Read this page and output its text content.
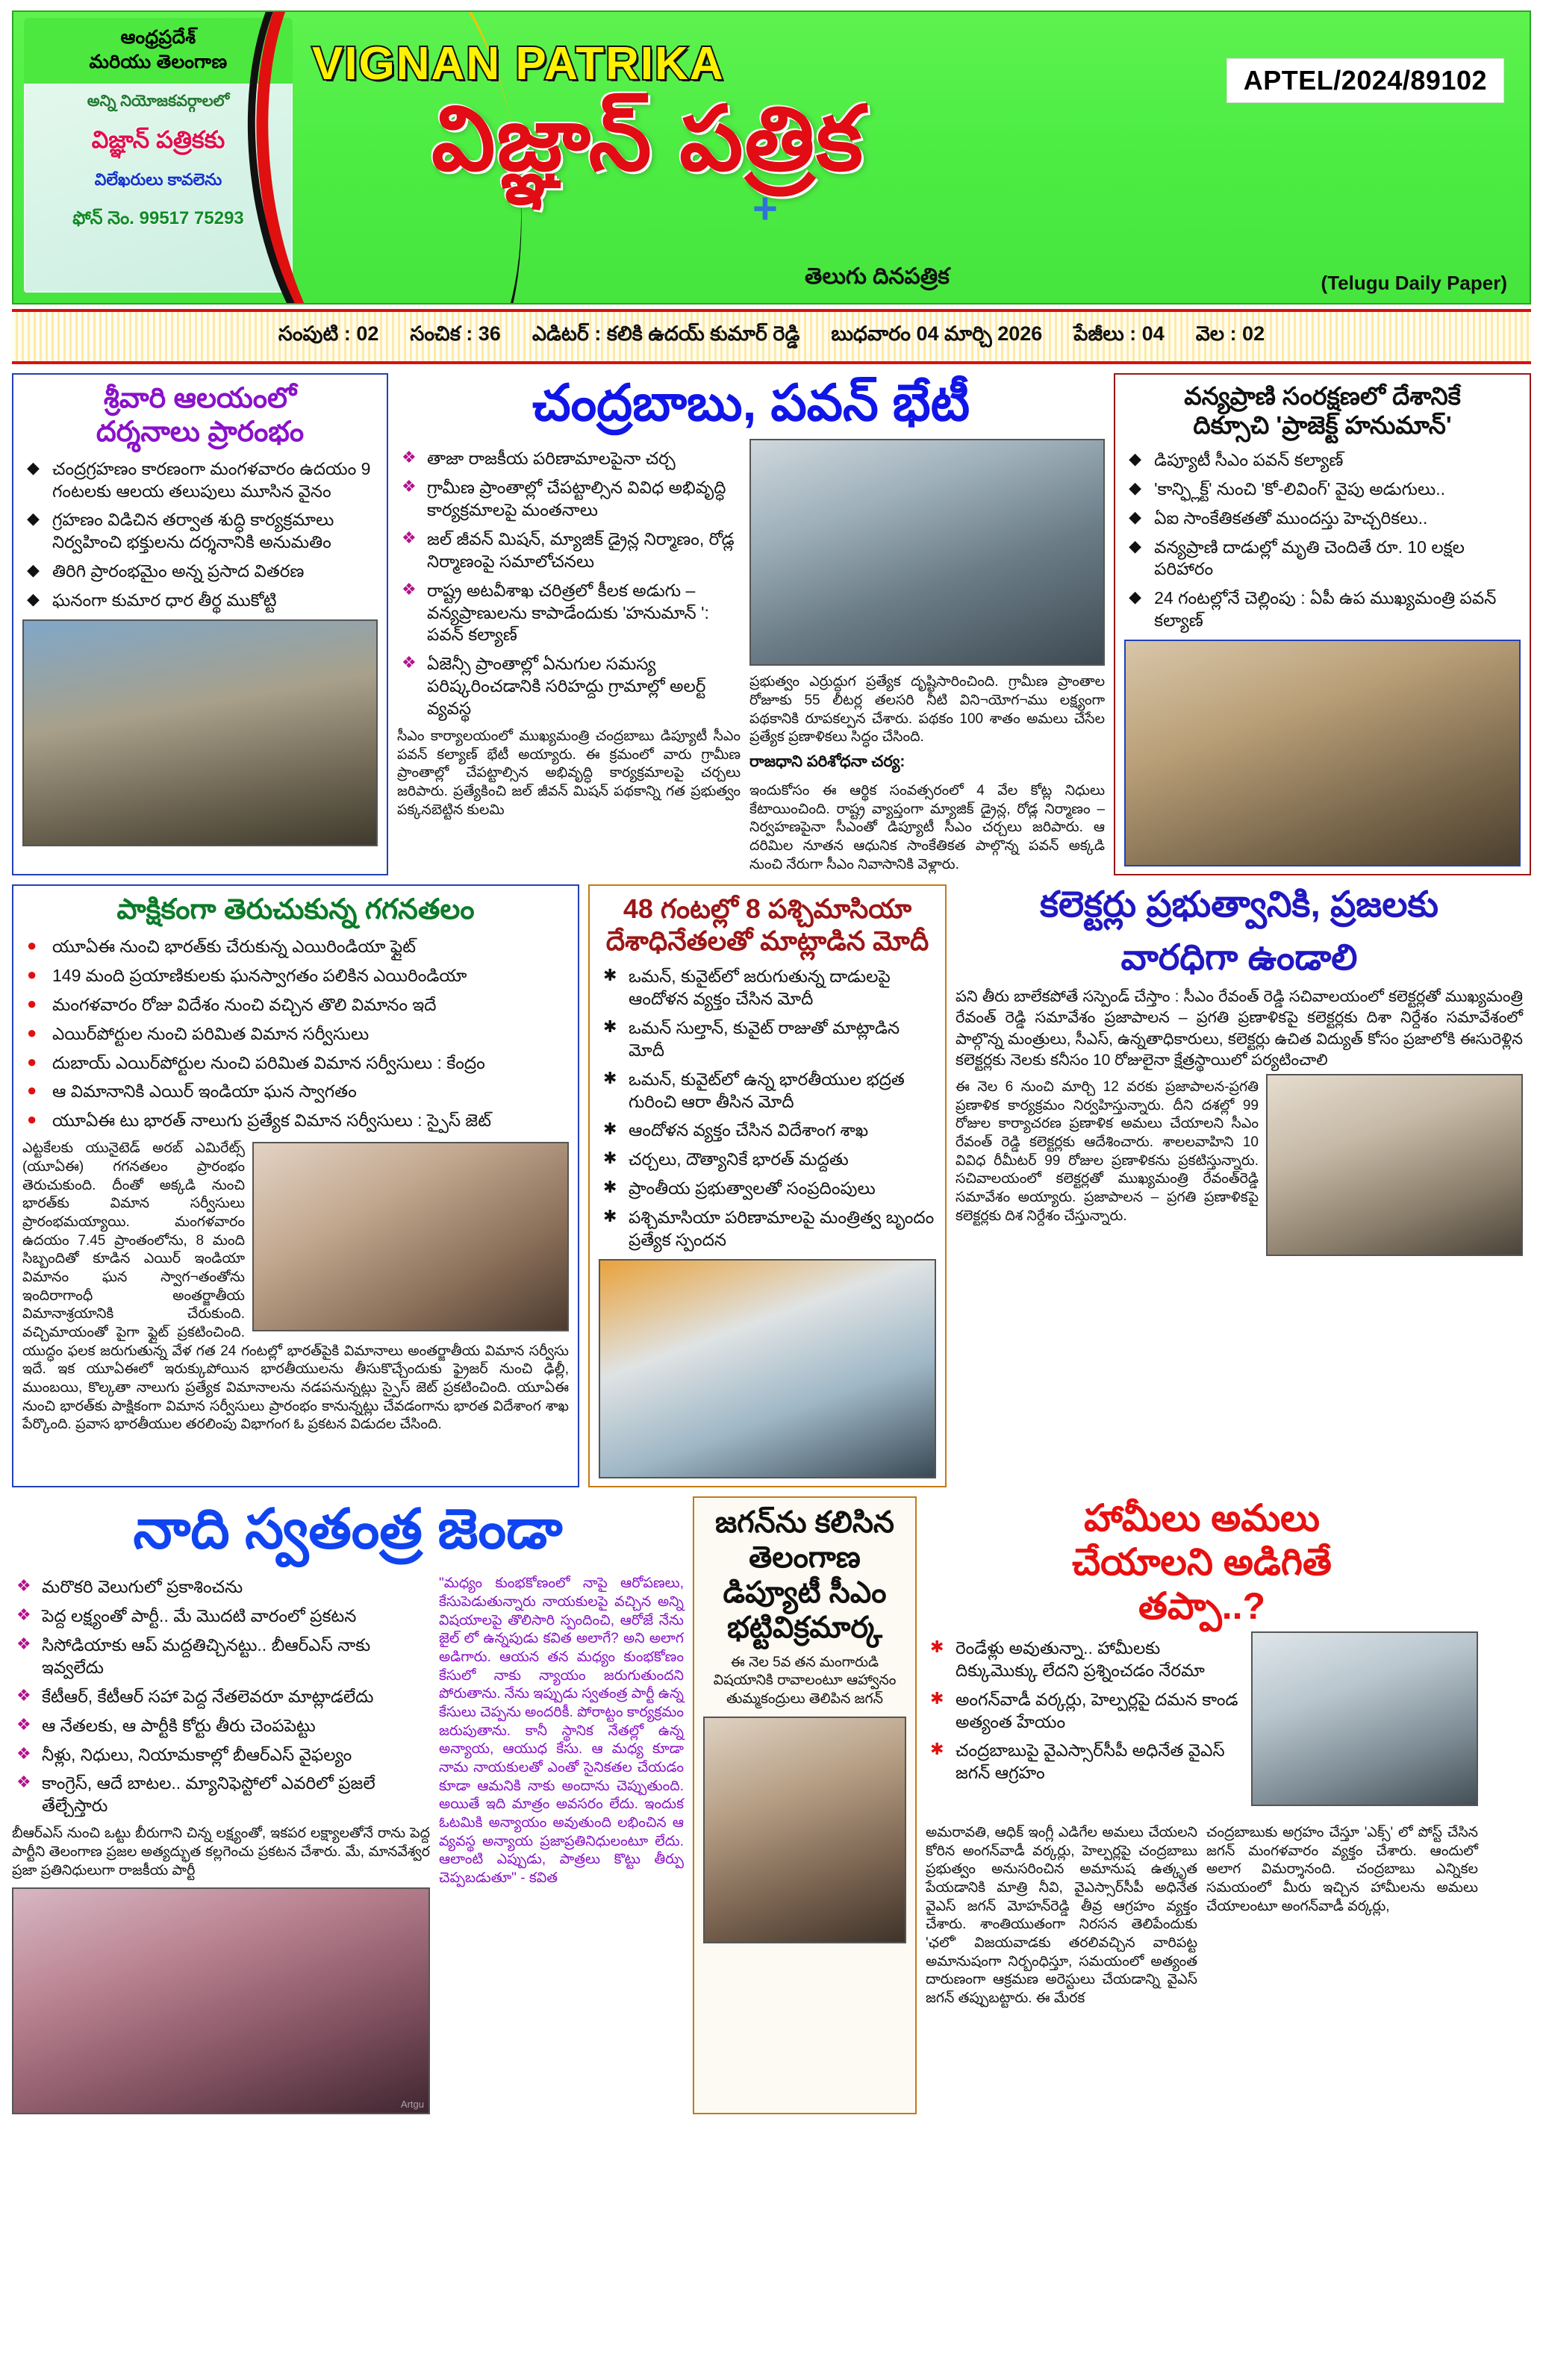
ఆంధ్రప్రదేశ్
మరియు తెలంగాణ
అన్ని నియోజకవర్గాలలో
విజ్ఞాన్ పత్రికకు
విలేఖరులు కావలెను
ఫోన్ నెం. 99517 75293
VIGNAN PATRIKA
విజ్ఞాన్ పత్రిక
+
తెలుగు దినపత్రిక	(Telugu Daily Paper)
APTEL/2024/89102
సంపుటి : 02 సంచిక : 36 ఎడిటర్ : కలికి ఉదయ్ కుమార్ రెడ్డి బుధవారం 04 మార్చి 2026 పేజీలు : 04 వెల : 02
శ్రీవారి ఆలయంలో
దర్శనాలు ప్రారంభం
◆ చంద్రగ్రహణం కారణంగా మంగళవారం ఉదయం 9 గంటలకు ఆలయ తలుపులు మూసిన వైనం
◆ గ్రహణం విడిచిన తర్వాత శుద్ధి కార్యక్రమాలు నిర్వహించి భక్తులను దర్శనానికి అనుమతిం
◆ తిరిగి ప్రారంభమైం అన్న ప్రసాద వితరణ
◆ ఘనంగా కుమార ధార తీర్థ ముకోట్టి
చంద్రబాబు, పవన్ భేటీ
❖ తాజా రాజకీయ పరిణామాలపైనా చర్చ
❖ గ్రామీణ ప్రాంతాల్లో చేపట్టాల్సిన వివిధ అభివృద్ధి కార్యక్రమాలపై మంతనాలు
❖ జల్ జీవన్ మిషన్, మ్యాజిక్ డ్రైన్ల నిర్మాణం, రోడ్ల నిర్మాణంపై సమాలోచనలు
❖ రాష్ట్ర అటవీశాఖ చరిత్రలో కీలక అడుగు – వన్యప్రాణులను కాపాడేందుకు 'హనుమాన్ ': పవన్ కల్యాణ్
❖ ఏజెన్సీ ప్రాంతాల్లో ఏనుగుల సమస్య పరిష్కరించడానికి సరిహద్దు గ్రామాల్లో అలర్ట్ వ్యవస్థ
సీఎం కార్యాలయంలో ముఖ్యమంత్రి చంద్రబాబు డిప్యూటీ సీఎం పవన్ కల్యాణ్ భేటీ అయ్యారు. ఈ క్రమంలో వారు గ్రామీణ ప్రాంతాల్లో చేపట్టాల్సిన అభివృద్ధి కార్యక్రమాలపై చర్చలు జరిపారు. ప్రత్యేకించి జల్ జీవన్ మిషన్ పథకాన్ని గత ప్రభుత్వం పక్కనబెట్టిన కులమి
ప్రభుత్వం ఎర్రుద్దుగ ప్రత్యేక దృష్టిసారించింది. గ్రామీణ ప్రాంతాల రోజూకు 55 లీటర్ల తలసరి నీటి విని¬యోగ¬ము లక్ష్యంగా పథకానికి రూపకల్పన చేశారు. పథకం 100 శాతం అమలు చేసేల ప్రత్యేక ప్రణాళికలు సిద్ధం చేసింది.
రాజధాని పరిశోధనా చర్య:
ఇందుకోసం ఈ ఆర్థిక సంవత్సరంలో 4 వేల కోట్ల నిధులు కేటాయించింది. రాష్ట్ర వ్యాప్తంగా మ్యాజిక్ డ్రైన్ల, రోడ్ల నిర్మాణం – నిర్వహణపైనా సీఎంతో డిప్యూటీ సీఎం చర్చలు జరిపారు. ఆ దరిమిల నూతన ఆధునిక సాంకేతికత పాల్గొన్న పవన్ అక్కడి నుంచి నేరుగా సీఎం నివాసానికి వెళ్లారు.
వన్యప్రాణి సంరక్షణలో దేశానికే
దిక్సూచి 'ప్రాజెక్ట్ హనుమాన్'
◆ డిప్యూటీ సీఎం పవన్ కల్యాణ్
◆ 'కాన్ఫ్లిక్ట్' నుంచి 'కో-లివింగ్' వైపు అడుగులు..
◆ ఏఐ సాంకేతికతతో ముందస్తు హెచ్చరికలు..
◆ వన్యప్రాణి దాడుల్లో మృతి చెందితే రూ. 10 లక్షల పరిహారం
◆ 24 గంటల్లోనే చెల్లింపు : ఏపీ ఉప ముఖ్యమంత్రి పవన్ కల్యాణ్
పాక్షికంగా తెరుచుకున్న గగనతలం
● యూఏఈ నుంచి భారత్‌కు చేరుకున్న ఎయిరిండియా ఫ్లైట్
● 149 మంది ప్రయాణికులకు ఘనస్వాగతం పలికిన ఎయిరిండియా
● మంగళవారం రోజు విదేశం నుంచి వచ్చిన తొలి విమానం ఇదే
● ఎయిర్‌పోర్టుల నుంచి పరిమిత విమాన సర్వీసులు
● దుబాయ్ ఎయిర్‌పోర్టుల నుంచి పరిమిత విమాన సర్వీసులు : కేంద్రం
● ఆ విమానానికి ఎయిర్ ఇండియా ఘన స్వాగతం
● యూఏఈ టు భారత్ నాలుగు ప్రత్యేక విమాన సర్వీసులు : స్పైస్ జెట్
ఎట్టకేలకు యునైటెడ్ అరబ్ ఎమిరేట్స్ (యూఏఈ) గగనతలం ప్రారంభం తెరుచుకుంది. దీంతో అక్కడి నుంచి భారత్‌కు విమాన సర్వీసులు ప్రారంభమయ్యాయి. మంగళవారం ఉదయం 7.45 ప్రాంతంలోను, 8 మంది సిబ్బందితో కూడిన ఎయిర్ ఇండియా విమానం ఘన స్వాగ¬తంతోను ఇందిరాగాంధీ అంతర్జాతీయ విమానాశ్రయానికి చేరుకుంది. వచ్చిమాయంతో పైగా ఫ్లైట్ ప్రకటించింది. యుద్ధం ఫలక జరుగుతున్న వేళ గత 24 గంటల్లో భారత్‌పైకి విమానాలు అంతర్జాతీయ విమాన సర్వీసు ఇదే. ఇక యూఏఈలో ఇరుక్కుపోయిన భారతీయులను తీసుకొచ్చేందుకు ఫ్రైజర్ నుంచి ఢిల్లీ, ముంబయి, కొల్కతా నాలుగు ప్రత్యేక విమానాలను నడపనున్నట్లు స్పైస్ జెట్ ప్రకటించింది. యూఏఈ నుంచి భారత్‌కు పాక్షికంగా విమాన సర్వీసులు ప్రారంభం కానున్నట్లు చేవడంగాను భారత విదేశాంగ శాఖ పేర్కొంది. ప్రవాస భారతీయుల తరలింపు విభాగంగ ఓ ప్రకటన విడుదల చేసింది.
48 గంటల్లో 8 పశ్చిమాసియా
దేశాధినేతలతో మాట్లాడిన మోదీ
✱ ఒమన్, కువైట్‌లో జరుగుతున్న దాడులపై ఆందోళన వ్యక్తం చేసిన మోదీ
✱ ఒమన్ సుల్తాన్, కువైట్ రాజుతో మాట్లాడిన మోదీ
✱ ఒమన్, కువైట్‌లో ఉన్న భారతీయుల భద్రత గురించి ఆరా తీసిన మోదీ
✱ ఆందోళన వ్యక్తం చేసిన విదేశాంగ శాఖ
✱ చర్చలు, దౌత్యానికే భారత్ మద్దతు
✱ ప్రాంతీయ ప్రభుత్వాలతో సంప్రదింపులు
✱ పశ్చిమాసియా పరిణామాలపై మంత్రిత్వ బృందం ప్రత్యేక స్పందన
కలెక్టర్లు ప్రభుత్వానికి, ప్రజలకు
వారధిగా ఉండాలి
పని తీరు బాలేకపోతే సస్పెండ్ చేస్తాం : సీఎం రేవంత్ రెడ్డి సచివాలయంలో కలెక్టర్లతో ముఖ్యమంత్రి రేవంత్ రెడ్డి సమావేశం ప్రజాపాలన – ప్రగతి ప్రణాళికపై కలెక్టర్లకు దిశా నిర్దేశం సమావేశంలో పాల్గొన్న మంత్రులు, సీఎస్, ఉన్నతాధికారులు, కలెక్టర్లు ఉచిత విద్యుత్ కోసం ప్రజాలోకి ఈసురెళ్లిన కలెక్టర్లకు నెలకు కనీసం 10 రోజులైనా క్షేత్రస్థాయిలో పర్యటించాలి
ఈ నెల 6 నుంచి మార్చి 12 వరకు ప్రజాపాలన-ప్రగతి ప్రణాళిక కార్యక్రమం నిర్వహిస్తున్నారు. దీని దశల్లో 99 రోజుల కార్యాచరణ ప్రణాళిక అమలు చేయాలని సీఎం రేవంత్ రెడ్డి కలెక్టర్లకు ఆదేశించారు. శాలలవాహిని 10 వివిధ రీమీటర్ 99 రోజుల ప్రణాళికను ప్రకటిస్తున్నారు. సచివాలయంలో కలెక్టర్లతో ముఖ్యమంత్రి రేవంత్‌రెడ్డి సమావేశం అయ్యారు. ప్రజాపాలన – ప్రగతి ప్రణాళికపై కలెక్టర్లకు దిశ నిర్దేశం చేస్తున్నారు.
నాది స్వతంత్ర జెండా
❖ మరొకరి వెలుగులో ప్రకాశించను
❖ పెద్ద లక్ష్యంతో పార్టీ.. మే మొదటి వారంలో ప్రకటన
❖ సిసోడియాకు ఆప్ మద్దతిచ్చినట్టు.. బీఆర్‌ఎస్ నాకు ఇవ్వలేదు
❖ కేటీఆర్, కేటీఆర్ సహా పెద్ద నేతలెవరూ మాట్లాడలేదు
❖ ఆ నేతలకు, ఆ పార్టీకి కోర్టు తీరు చెంపపెట్టు
❖ నీళ్లు, నిధులు, నియామకాల్లో బీఆర్‌ఎస్ వైఫల్యం
❖ కాంగ్రెస్, ఆదే బాటల.. మ్యానిఫెస్టోలో ఎవరిలో ప్రజలే తేల్చేస్తారు
బీఆర్‌ఎస్ నుంచి ఒట్టు బీరుగాని చిన్న లక్ష్యంతో, ఇకపర లక్ష్యాలతోనే రాను పెద్ద పార్టీని తెలంగాణ ప్రజల అత్యద్భుత కల్లగెంచు ప్రకటన చేశారు. మే, మానవేశ్వర ప్రజా ప్రతినిధులుగా రాజకీయ పార్టీ
Artgu
"మధ్యం కుంభకోణంలో నాపై ఆరోపణలు, కేసుపెడుతున్నారు నాయకులపై వచ్చిన అన్ని విషయాలపై తొలిసారి స్పందించి, ఆరోజే నేను జైల్ లో ఉన్నపుడు కవిత అలాగే? అని అలాగ అడిగారు. ఆయన తన మధ్యం కుంభకోణం కేసులో నాకు న్యాయం జరుగుతుందని పోరుతాను. నేను ఇప్పుడు స్వతంత్ర పార్టీ ఉన్న కేసులు చెప్పను అందరికీ. పోరాట్టం కార్యక్రమం జరుపుతాను. కానీ స్థానిక నేతల్లో ఉన్న అన్యాయ, ఆయుధ కేసు. ఆ మధ్య కూడా నామ నాయకులతో ఎంతో సైనికతల చేయడం కూడా ఆమనికి నాకు అందాను చెప్పుతుంది. అయితే ఇది మాత్రం అవసరం లేదు. ఇందుక ఓటమికి అన్యాయం అవుతుంది లభించిన ఆ వ్యవస్థ అన్యాయ ప్రజాప్రతినిధులంటూ లేదు. ఆలాంటి ఎప్పుడు, పాత్రలు కొట్టు తీర్పు చెప్పబడుతూ" - కవిత
జగన్‌ను కలిసిన
తెలంగాణ
డిప్యూటీ సీఎం
భట్టివిక్రమార్క
ఈ నెల 5వ తన మంగారుడి విషయానికి రావాలంటూ ఆహ్వానం తుమ్మకంద్రులు తెలిపిన జగన్
హామీలు అమలు
చేయాలని అడిగితే
తప్పా..?
✱ రెండేళ్లు అవుతున్నా.. హామీలకు దిక్కుమొక్కు లేదని ప్రశ్నించడం నేరమా
✱ అంగన్‌వాడీ వర్కర్లు, హెల్పర్లపై దమన కాండ అత్యంత హేయం
✱ చంద్రబాబుపై వైఎస్సార్‌సీపీ అధినేత వైఎస్ జగన్ ఆగ్రహం
అమరావతి, ఆధిక్ ఇంగ్లీ ఎడిగేల అమలు చేయలని కోరిన అంగన్‌వాడీ వర్కర్లు, హెల్పర్లపై చంద్రబాబు ప్రభుత్వం అనుసరించిన అమానుష ఉత్కృత పేయడానికి మాత్రి నీవి, వైఎస్సార్‌సీపీ అధినేత వైఎస్ జగన్ మోహన్‌రెడ్డి తీవ్ర ఆగ్రహం వ్యక్తం చేశారు. శాంతియుతంగా నిరసన తెలిపేందుకు 'ఛలో' విజయవాడకు తరలివచ్చిన వారిపట్ట అమానుషంగా నిర్బంధిస్తూ, సమయంలో అత్యంత దారుణంగా ఆక్రమణ అరెస్టులు చేయడాన్ని వైఎస్ జగన్ తప్పుబట్టారు. ఈ మేరక
చంద్రబాబుకు అగ్రహం చేస్తూ 'ఎక్స్' లో పోస్ట్ చేసిన జగన్ మంగళవారం వ్యక్తం చేశారు. ఆందులో అలాగ విమర్శానంది. చంద్రబాబు ఎన్నికల సమయంలో మీరు ఇచ్చిన హామీలను అమలు చేయాలంటూ అంగన్‌వాడీ వర్కర్లు,
